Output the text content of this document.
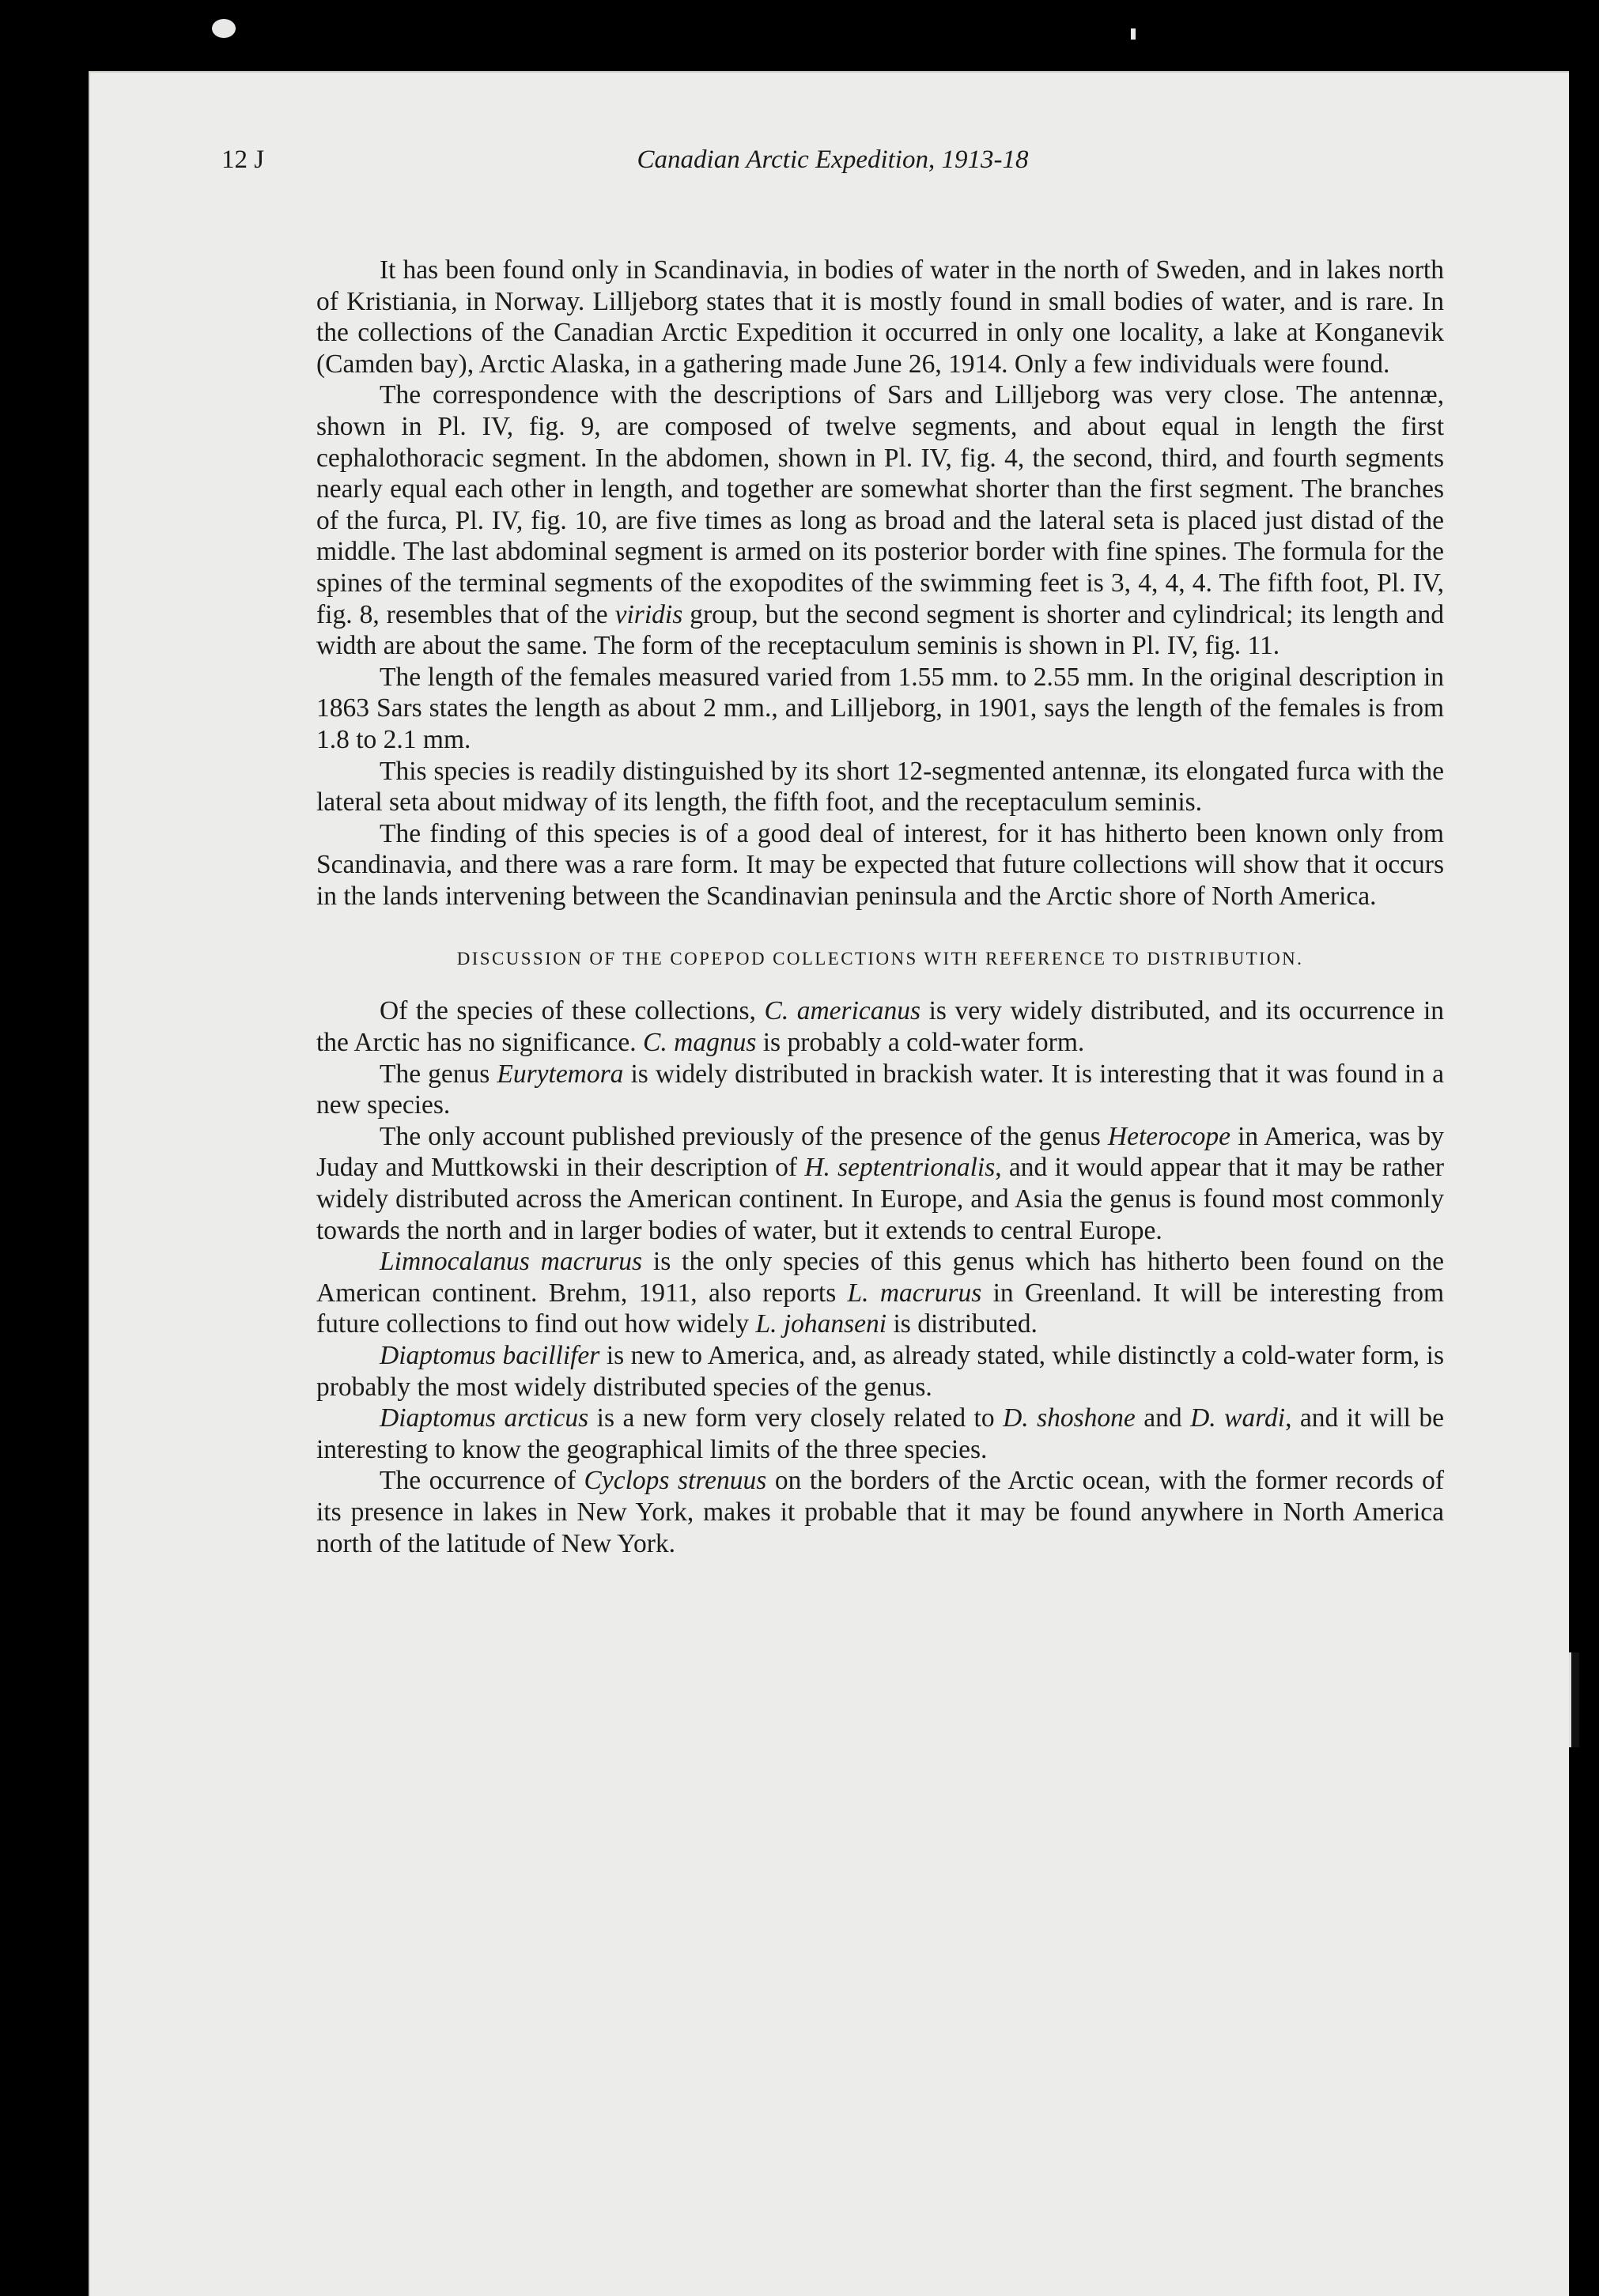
12 J	Canadian Arctic Expedition, 1913-18

It has been found only in Scandinavia, in bodies of water in the north of Sweden, and in lakes north of Kristiania, in Norway. Lilljeborg states that it is mostly found in small bodies of water, and is rare. In the collections of the Canadian Arctic Expedition it occurred in only one locality, a lake at Konganevik (Camden bay), Arctic Alaska, in a gathering made June 26, 1914. Only a few individuals were found.

The correspondence with the descriptions of Sars and Lilljeborg was very close. The antennæ, shown in Pl. IV, fig. 9, are composed of twelve segments, and about equal in length the first cephalothoracic segment. In the abdomen, shown in Pl. IV, fig. 4, the second, third, and fourth segments nearly equal each other in length, and together are somewhat shorter than the first segment. The branches of the furca, Pl. IV, fig. 10, are five times as long as broad and the lateral seta is placed just distad of the middle. The last abdominal segment is armed on its posterior border with fine spines. The formula for the spines of the terminal segments of the exopodites of the swimming feet is 3, 4, 4, 4. The fifth foot, Pl. IV, fig. 8, resembles that of the viridis group, but the second segment is shorter and cylindrical; its length and width are about the same. The form of the receptaculum seminis is shown in Pl. IV, fig. 11.

The length of the females measured varied from 1.55 mm. to 2.55 mm. In the original description in 1863 Sars states the length as about 2 mm., and Lilljeborg, in 1901, says the length of the females is from 1.8 to 2.1 mm.

This species is readily distinguished by its short 12-segmented antennæ, its elongated furca with the lateral seta about midway of its length, the fifth foot, and the receptaculum seminis.

The finding of this species is of a good deal of interest, for it has hitherto been known only from Scandinavia, and there was a rare form. It may be expected that future collections will show that it occurs in the lands intervening between the Scandinavian peninsula and the Arctic shore of North America.

DISCUSSION OF THE COPEPOD COLLECTIONS WITH REFERENCE TO DISTRIBUTION.

Of the species of these collections, C. americanus is very widely distributed, and its occurrence in the Arctic has no significance. C. magnus is probably a cold-water form.

The genus Eurytemora is widely distributed in brackish water. It is interesting that it was found in a new species.

The only account published previously of the presence of the genus Heterocope in America, was by Juday and Muttkowski in their description of H. septentrionalis, and it would appear that it may be rather widely distributed across the American continent. In Europe, and Asia the genus is found most commonly towards the north and in larger bodies of water, but it extends to central Europe.

Limnocalanus macrurus is the only species of this genus which has hitherto been found on the American continent. Brehm, 1911, also reports L. macrurus in Greenland. It will be interesting from future collections to find out how widely L. johanseni is distributed.

Diaptomus bacillifer is new to America, and, as already stated, while distinctly a cold-water form, is probably the most widely distributed species of the genus.

Diaptomus arcticus is a new form very closely related to D. shoshone and D. wardi, and it will be interesting to know the geographical limits of the three species.

The occurrence of Cyclops strenuus on the borders of the Arctic ocean, with the former records of its presence in lakes in New York, makes it probable that it may be found anywhere in North America north of the latitude of New York.
